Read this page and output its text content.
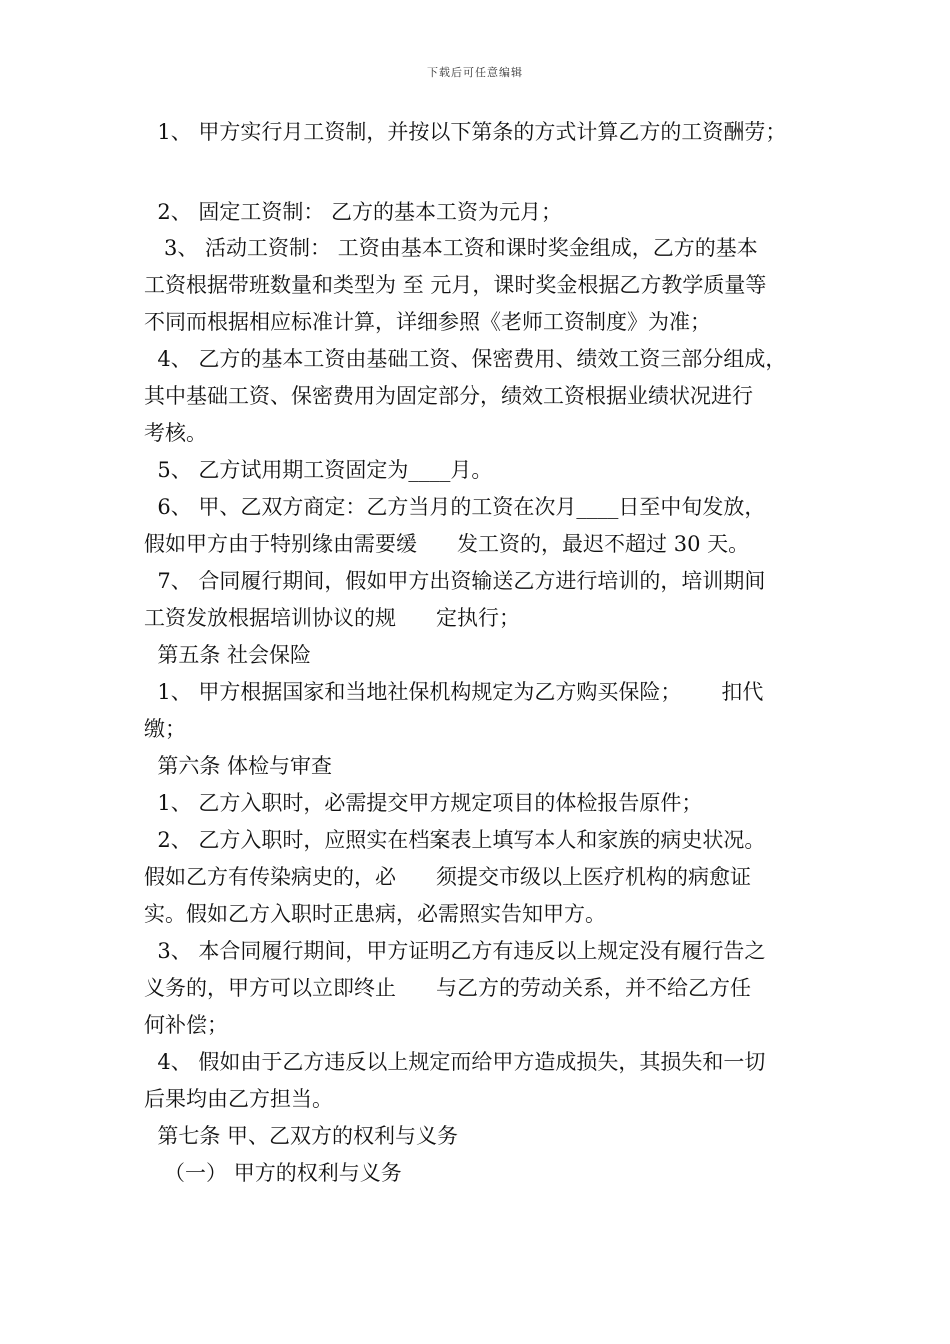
下载后可任意编辑
1、 甲方实行月工资制，并按以下第条的方式计算乙方的工资酬劳；
2、 固定工资制： 乙方的基本工资为元月；
3、 活动工资制： 工资由基本工资和课时奖金组成，乙方的基本
工资根据带班数量和类型为 至 元月，课时奖金根据乙方教学质量等
不同而根据相应标准计算，详细参照《老师工资制度》为准；
4、 乙方的基本工资由基础工资、保密费用、绩效工资三部分组成，
其中基础工资、保密费用为固定部分，绩效工资根据业绩状况进行
考核。
5、 乙方试用期工资固定为____月。
6、 甲、乙双方商定：乙方当月的工资在次月____日至中旬发放，
假如甲方由于特别缘由需要缓      发工资的，最迟不超过 30 天。
7、 合同履行期间，假如甲方出资输送乙方进行培训的，培训期间
工资发放根据培训协议的规      定执行；
第五条 社会保险
1、 甲方根据国家和当地社保机构规定为乙方购买保险；      扣代
缴；
第六条 体检与审查
1、 乙方入职时，必需提交甲方规定项目的体检报告原件；
2、 乙方入职时，应照实在档案表上填写本人和家族的病史状况。
假如乙方有传染病史的，必      须提交市级以上医疗机构的病愈证
实。假如乙方入职时正患病，必需照实告知甲方。
3、 本合同履行期间，甲方证明乙方有违反以上规定没有履行告之
义务的，甲方可以立即终止      与乙方的劳动关系，并不给乙方任
何补偿；
4、 假如由于乙方违反以上规定而给甲方造成损失，其损失和一切
后果均由乙方担当。
第七条 甲、乙双方的权利与义务
（一） 甲方的权利与义务
